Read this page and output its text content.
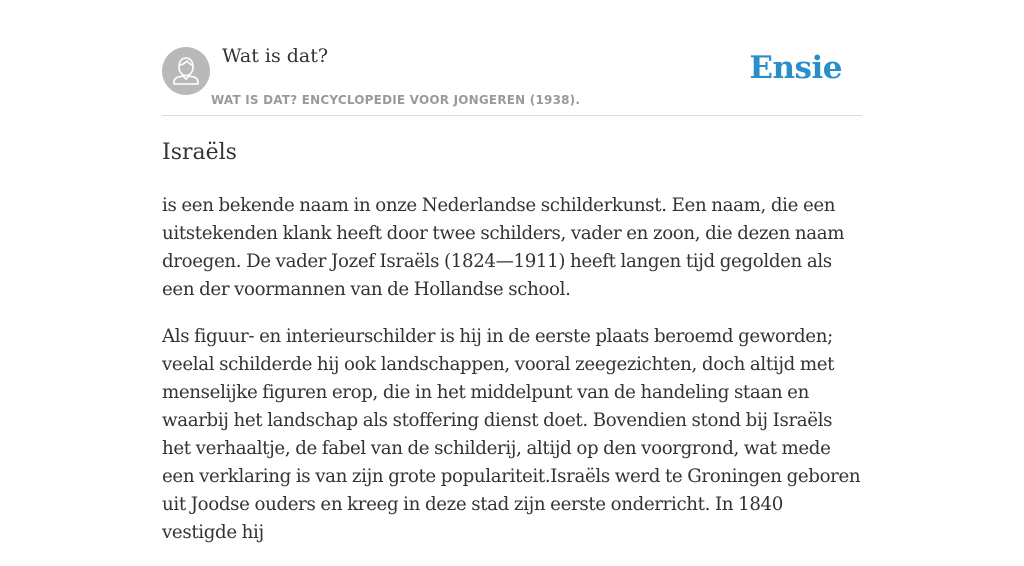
Wat is dat?
WAT IS DAT? ENCYCLOPEDIE VOOR JONGEREN (1938).
Ensie
Israëls

is een bekende naam in onze Nederlandse schilderkunst. Een naam, die een uitstekenden klank heeft door twee schilders, vader en zoon, die dezen naam droegen. De vader Jozef Israëls (1824—1911) heeft langen tijd gegolden als een der voormannen van de Hollandse school.

Als figuur- en interieurschilder is hij in de eerste plaats beroemd geworden; veelal schilderde hij ook landschappen, vooral zeegezichten, doch altijd met menselijke figuren erop, die in het middelpunt van de handeling staan en waarbij het landschap als stoffering dienst doet. Bovendien stond bij Israëls het verhaaltje, de fabel van de schilderij, altijd op den voorgrond, wat mede een verklaring is van zijn grote populariteit.Israëls werd te Groningen geboren uit Joodse ouders en kreeg in deze stad zijn eerste onderricht. In 1840 vestigde hij
